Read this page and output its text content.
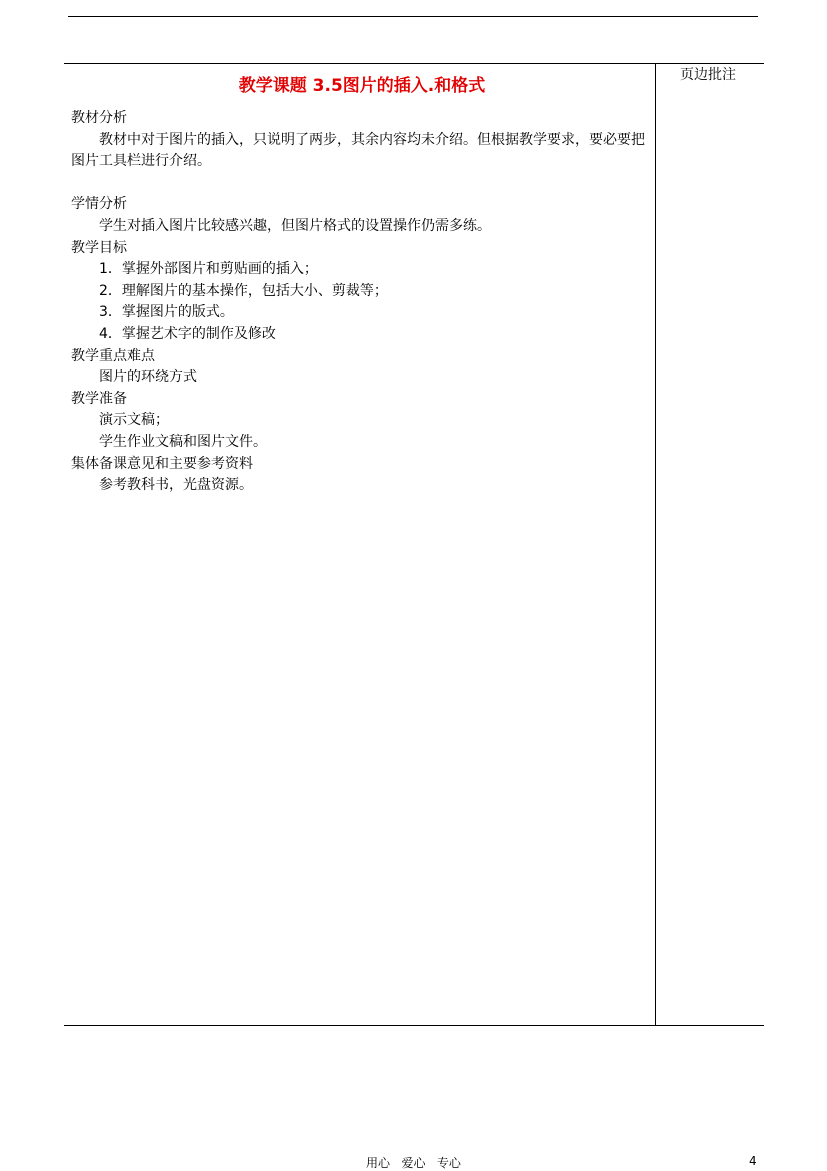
页边批注
教学课题 3.5图片的插入.和格式

教材分析

教材中对于图片的插入，只说明了两步，其余内容均未介绍。但根据教学要求，要必要把图片工具栏进行介绍。

学情分析

学生对插入图片比较感兴趣，但图片格式的设置操作仍需多练。

教学目标

1．掌握外部图片和剪贴画的插入；

2．理解图片的基本操作，包括大小、剪裁等；

3．掌握图片的版式。

4．掌握艺术字的制作及修改

教学重点难点

图片的环绕方式

教学准备

演示文稿；

学生作业文稿和图片文件。

集体备课意见和主要参考资料

参考教科书，光盘资源。

用心   爱心   专心	4
